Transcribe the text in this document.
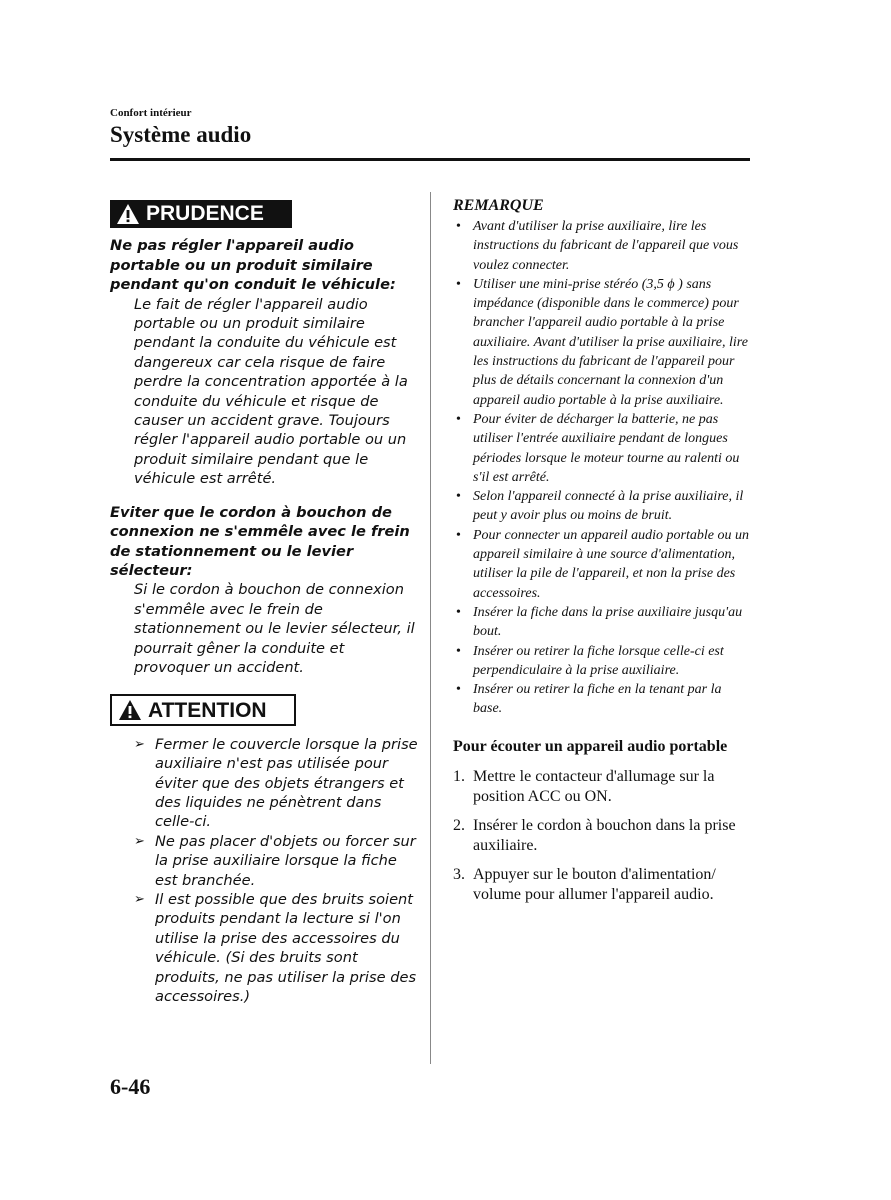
Confort intérieur
Système audio
PRUDENCE
Ne pas régler l'appareil audio portable ou un produit similaire pendant qu'on conduit le véhicule:
Le fait de régler l'appareil audio portable ou un produit similaire pendant la conduite du véhicule est dangereux car cela risque de faire perdre la concentration apportée à la conduite du véhicule et risque de causer un accident grave. Toujours régler l'appareil audio portable ou un produit similaire pendant que le véhicule est arrêté.
Eviter que le cordon à bouchon de connexion ne s'emmêle avec le frein de stationnement ou le levier sélecteur:
Si le cordon à bouchon de connexion s'emmêle avec le frein de stationnement ou le levier sélecteur, il pourrait gêner la conduite et provoquer un accident.
ATTENTION
➢ Fermer le couvercle lorsque la prise auxiliaire n'est pas utilisée pour éviter que des objets étrangers et des liquides ne pénètrent dans celle-ci.
➢ Ne pas placer d'objets ou forcer sur la prise auxiliaire lorsque la fiche est branchée.
➢ Il est possible que des bruits soient produits pendant la lecture si l'on utilise la prise des accessoires du véhicule. (Si des bruits sont produits, ne pas utiliser la prise des accessoires.)
REMARQUE
• Avant d'utiliser la prise auxiliaire, lire les instructions du fabricant de l'appareil que vous voulez connecter.
• Utiliser une mini-prise stéréo (3,5 ϕ ) sans impédance (disponible dans le commerce) pour brancher l'appareil audio portable à la prise auxiliaire. Avant d'utiliser la prise auxiliaire, lire les instructions du fabricant de l'appareil pour plus de détails concernant la connexion d'un appareil audio portable à la prise auxiliaire.
• Pour éviter de décharger la batterie, ne pas utiliser l'entrée auxiliaire pendant de longues périodes lorsque le moteur tourne au ralenti ou s'il est arrêté.
• Selon l'appareil connecté à la prise auxiliaire, il peut y avoir plus ou moins de bruit.
• Pour connecter un appareil audio portable ou un appareil similaire à une source d'alimentation, utiliser la pile de l'appareil, et non la prise des accessoires.
• Insérer la fiche dans la prise auxiliaire jusqu'au bout.
• Insérer ou retirer la fiche lorsque celle-ci est perpendiculaire à la prise auxiliaire.
• Insérer ou retirer la fiche en la tenant par la base.
Pour écouter un appareil audio portable
1. Mettre le contacteur d'allumage sur la position ACC ou ON.
2. Insérer le cordon à bouchon dans la prise auxiliaire.
3. Appuyer sur le bouton d'alimentation/ volume pour allumer l'appareil audio.
6-46
